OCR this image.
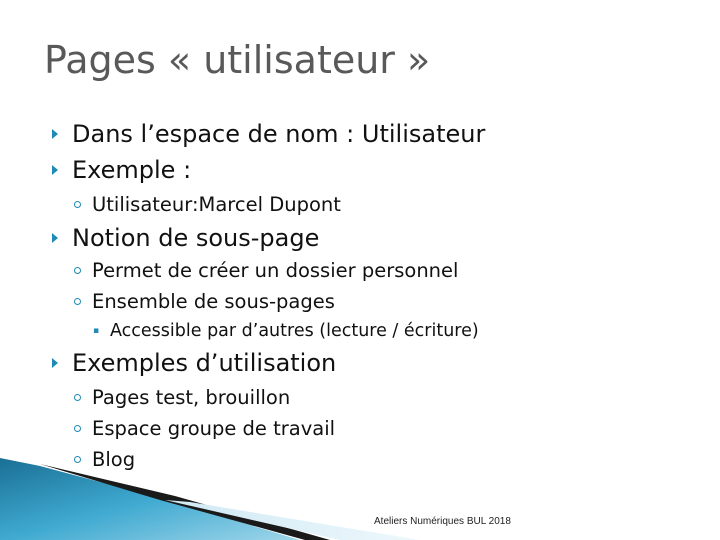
Pages « utilisateur »
Dans l’espace de nom : Utilisateur
Exemple :
Utilisateur:Marcel Dupont
Notion de sous-page
Permet de créer un dossier personnel
Ensemble de sous-pages
▪ Accessible par d’autres (lecture / écriture)
Exemples d’utilisation
Pages test, brouillon
Espace groupe de travail
Blog
Ateliers Numériques BUL 2018
